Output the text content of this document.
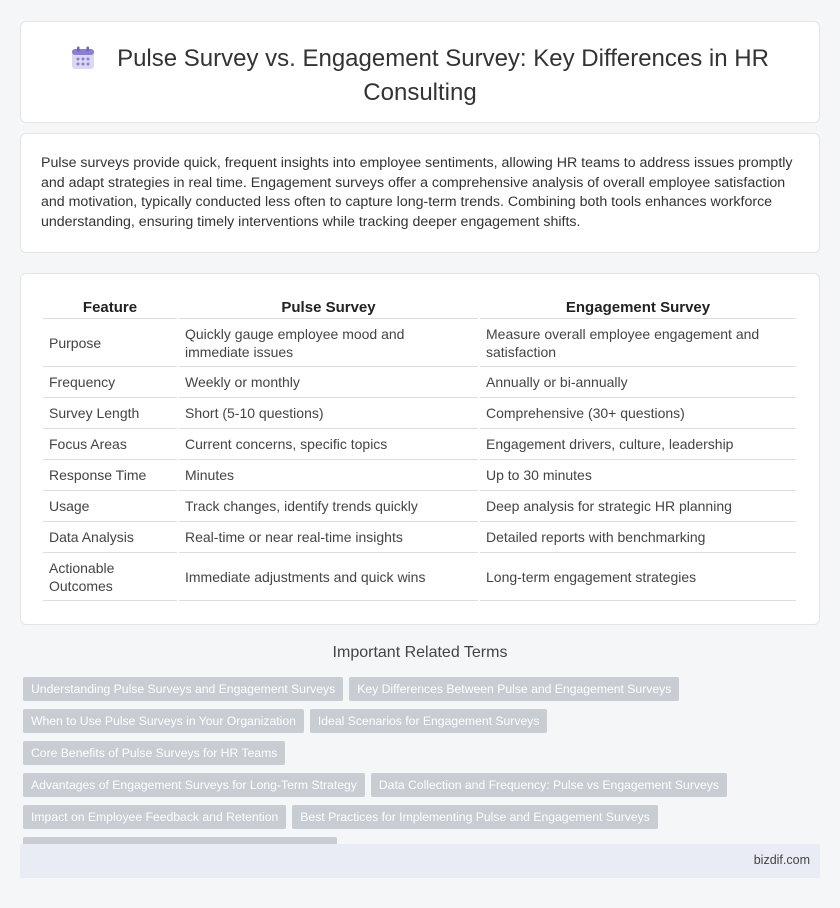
Pulse Survey vs. Engagement Survey: Key Differences in HR Consulting

Pulse surveys provide quick, frequent insights into employee sentiments, allowing HR teams to address issues promptly and adapt strategies in real time. Engagement surveys offer a comprehensive analysis of overall employee satisfaction and motivation, typically conducted less often to capture long-term trends. Combining both tools enhances workforce understanding, ensuring timely interventions while tracking deeper engagement shifts.

Feature	Pulse Survey	Engagement Survey
Purpose	Quickly gauge employee mood and immediate issues	Measure overall employee engagement and satisfaction
Frequency	Weekly or monthly	Annually or bi-annually
Survey Length	Short (5-10 questions)	Comprehensive (30+ questions)
Focus Areas	Current concerns, specific topics	Engagement drivers, culture, leadership
Response Time	Minutes	Up to 30 minutes
Usage	Track changes, identify trends quickly	Deep analysis for strategic HR planning
Data Analysis	Real-time or near real-time insights	Detailed reports with benchmarking
Actionable Outcomes	Immediate adjustments and quick wins	Long-term engagement strategies
Important Related Terms
Understanding Pulse Surveys and Engagement Surveys Key Differences Between Pulse and Engagement Surveys
When to Use Pulse Surveys in Your Organization Ideal Scenarios for Engagement SurveysCore Benefits of Pulse Surveys for HR Teams
Advantages of Engagement Surveys for Long-Term Strategy Data Collection and Frequency: Pulse vs Engagement Surveys
Impact on Employee Feedback and Retention Best Practices for Implementing Pulse and Engagement Surveys

bizdif.com
